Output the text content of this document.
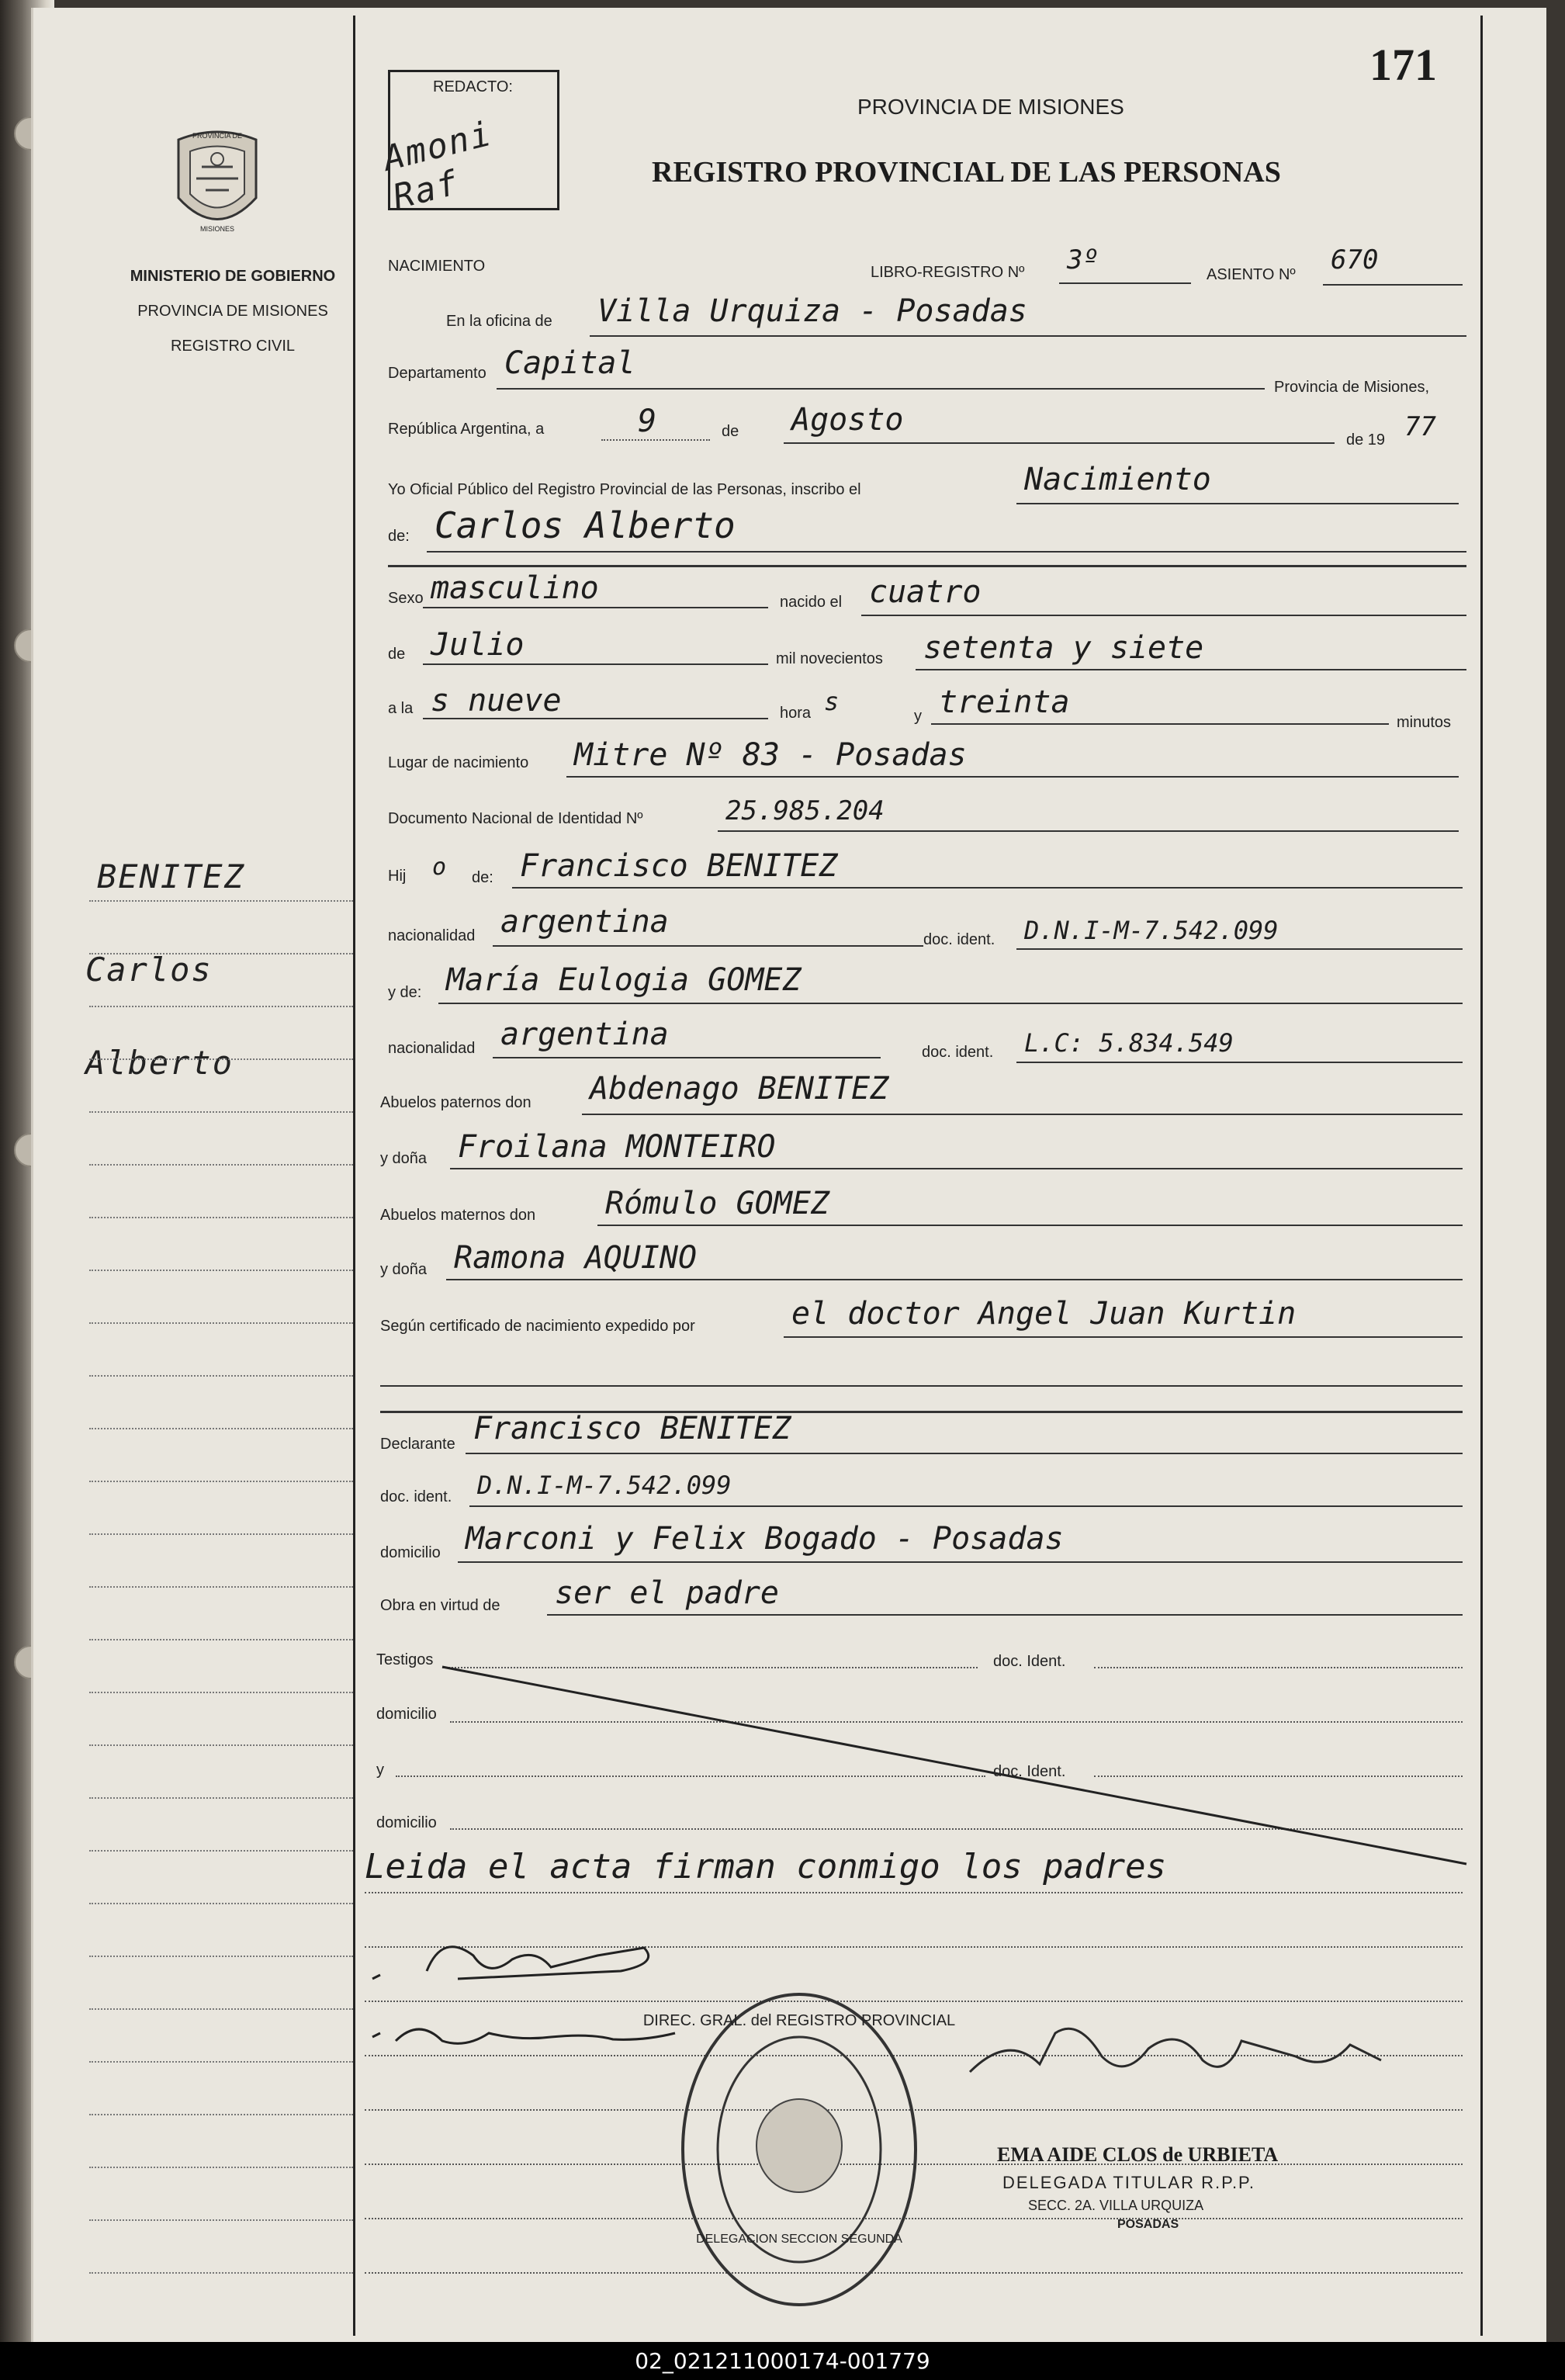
PROVINCIA DE
MISIONES
MINISTERIO DE GOBIERNO
PROVINCIA DE MISIONES
REGISTRO CIVIL
BENITEZ
Carlos
Alberto
171
REDACTO:
Amoni Raf
PROVINCIA DE MISIONES
REGISTRO PROVINCIAL DE LAS PERSONAS
NACIMIENTO	LIBRO-REGISTRO Nº 3º	ASIENTO Nº 670
En la oficina de Villa Urquiza - Posadas
Departamento Capital
Provincia de Misiones,
República Argentina, a	9	de Agosto
de 19 77
Yo Oficial Público del Registro Provincial de las Personas, inscribo el	Nacimiento
de: Carlos Alberto
Sexo masculino	nacido el cuatro
de Julio	mil novecientos setenta y siete
a la s nueve	hora s	y treinta
minutos
Lugar de nacimiento Mitre Nº 83 - Posadas
Documento Nacional de Identidad Nº	25.985.204
Hij o de: Francisco BENITEZ
nacionalidad argentina	doc. ident. D.N.I-M-7.542.099
y de: María Eulogia GOMEZ
nacionalidad argentina	doc. ident. L.C: 5.834.549
Abuelos paternos don Abdenago BENITEZ
y doña Froilana MONTEIRO
Abuelos maternos don Rómulo GOMEZ
y doña Ramona AQUINO
Según certificado de nacimiento expedido por	el doctor Angel Juan Kurtin
Declarante Francisco BENITEZ
doc. ident. D.N.I-M-7.542.099
domicilio Marconi y Felix Bogado - Posadas
Obra en virtud de ser el padre
Testigos	doc. Ident.
domicilio
y	doc. Ident.
domicilio
Leida el acta firman conmigo los padres
DIREC. GRAL. del REGISTRO PROVINCIAL
DELEGACION SECCION SEGUNDA
EMA AIDE CLOS de URBIETA
DELEGADA TITULAR R.P.P.
SECC. 2A. VILLA URQUIZA
POSADAS
02_021211000174-001779
